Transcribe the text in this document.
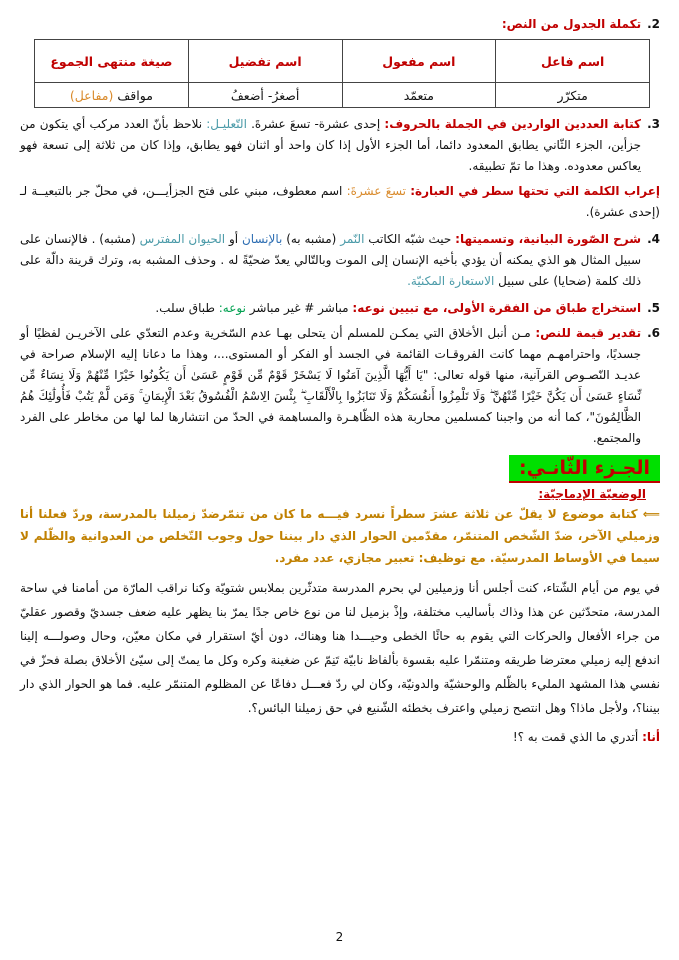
2.
تكملة الجدول من النص:
اسم فاعل	اسم مفعول	اسم تفضيل	صيغة منتهى الجموع
متكرّر	متعمّد	أصغرُ- أضعفُ	مواقف (مفاعل)
3.
كتابة العددين الواردين في الجملة بالحروف: إحدى عشرة- تسعَ عشرةَ. التّعليـل: نلاحظ بأنّ العدد مركب أي يتكون من جزأين، الجزء الثّاني يطابق المعدود دائما، أما الجزء الأول إذا كان واحد أو اثنان فهو يطابق، وإذا كان من ثلاثة إلى تسعة فهو يعاكس معدوده. وهذا ما تمّ تطبيقه.
إعراب الكلمة التي تحتها سطر في العبارة: تسعَ عشرةَ: اسم معطوف، مبني على فتح الجزأيـــن، في محلّ جر بالتبعيــة لـ (إحدى عشرة).
4.
شرح الصّورة البيانية، وتسميتها: حيث شبّه الكاتب النّمر (مشبه به) بالإنسان أو الحيوان المفترس (مشبه) . فالإنسان على سبيل المثال هو الذي يمكنه أن يؤدي بأخيه الإنسان إلى الموت وبالتّالي يعدّ ضحيّةً له . وحذف المشبه به، وترك قرينة دالّة على ذلك كلمة (ضحايا) على سبيل الاستعارة المكنيّة.
5.
استخراج طباق من الفقرة الأولى، مع تبيين نوعه: مباشر # غير مباشر نوعه: طباق سلب.
6.
تقدير قيمة للنص: مـن أنبل الأخلاق التي يمكـن للمسلم أن يتحلى بهـا عدم السّخرية وعدم التعدّي على الآخريـن لفظيًا أو جسديًا، واحترامهـم مهما كانت الفروقـات القائمة في الجسد أو الفكر أو المستوى...، وهذا ما دعانا إليه الإسلام صراحة في عديـد النّصـوص القرآنية، منها قوله تعالى: "يَا أَيُّهَا الَّذِينَ آمَنُوا لَا يَسْخَرْ قَوْمٌ مِّن قَوْمٍ عَسَىٰ أَن يَكُونُوا خَيْرًا مِّنْهُمْ وَلَا نِسَاءٌ مِّن نِّسَاءٍ عَسَىٰ أَن يَكُنَّ خَيْرًا مِّنْهُنَّ ۖ وَلَا تَلْمِزُوا أَنفُسَكُمْ وَلَا تَنَابَزُوا بِالْأَلْقَابِ ۖ بِئْسَ الِاسْمُ الْفُسُوقُ بَعْدَ الْإِيمَانِ ۚ وَمَن لَّمْ يَتُبْ فَأُولَٰئِكَ هُمُ الظَّالِمُونَ"، كما أنه من واجبنا كمسلمين محاربة هذه الظّاهـرة والمساهمة في الحدّ من انتشارها لما لها من مخاطر على الفرد والمجتمع.
الجـزء الثّانـي:
الوضعيّة الإدماجيّة:
⟸ كتابة موضوع لا يقلّ عن ثلاثة عشرَ سطراً نسرد فيـــه ما كان من تنمّرضدّ زميلنا بالمدرسة، وردّ فعلنا أنا وزميلي الآخر، ضدّ الشّخص المتنمّر، مقدّمين الحوار الذي دار بيننا حول وجوب التّخلص من العدوانية والظّلم لا سيما في الأوساط المدرسيّة. مع توظيف: تعبير مجازي، عدد مفرد.
في يوم من أيام الشّتاء، كنت أجلس أنا وزميلين لي بحرم المدرسة متدثّرين بملابس شتويّة وكنا نراقب المارّة من أمامنا في ساحة المدرسة، متحدّثين عن هذا وذاك بأساليب مختلفة، وإذْ بزميل لنا من نوع خاص جدًا يمرّ بنا يظهر عليه ضعف جسديّ وقصور عقليّ من جراء الأفعال والحركات التي يقوم به حائًا الخطى وحيـــدا هنا وهناك، دون أيّ استقرار في مكان معيّن، وحال وصولـــه إلينا اندفع إليه زميلي معترضا طريقه ومتنمّرا عليه بقسوة بألفاظ نابيّة تَنِمّ عن ضغينة وكره وكل ما يمتّ إلى سيّئ الأخلاق بصلة فحزّ في نفسي هذا المشهد المليء بالظّلم والوحشيّة والدونيّة، وكان لي ردّ فعـــل دفاعًا عن المظلوم المتنمّر عليه. فما هو الحوار الذي دار بيننا؟، ولأجل ماذا؟ وهل انتصح زميلي واعترف بخطئه الشّنيع في حق زميلنا البائس؟.
أنا: أتدري ما الذي قمت به ؟!
2
